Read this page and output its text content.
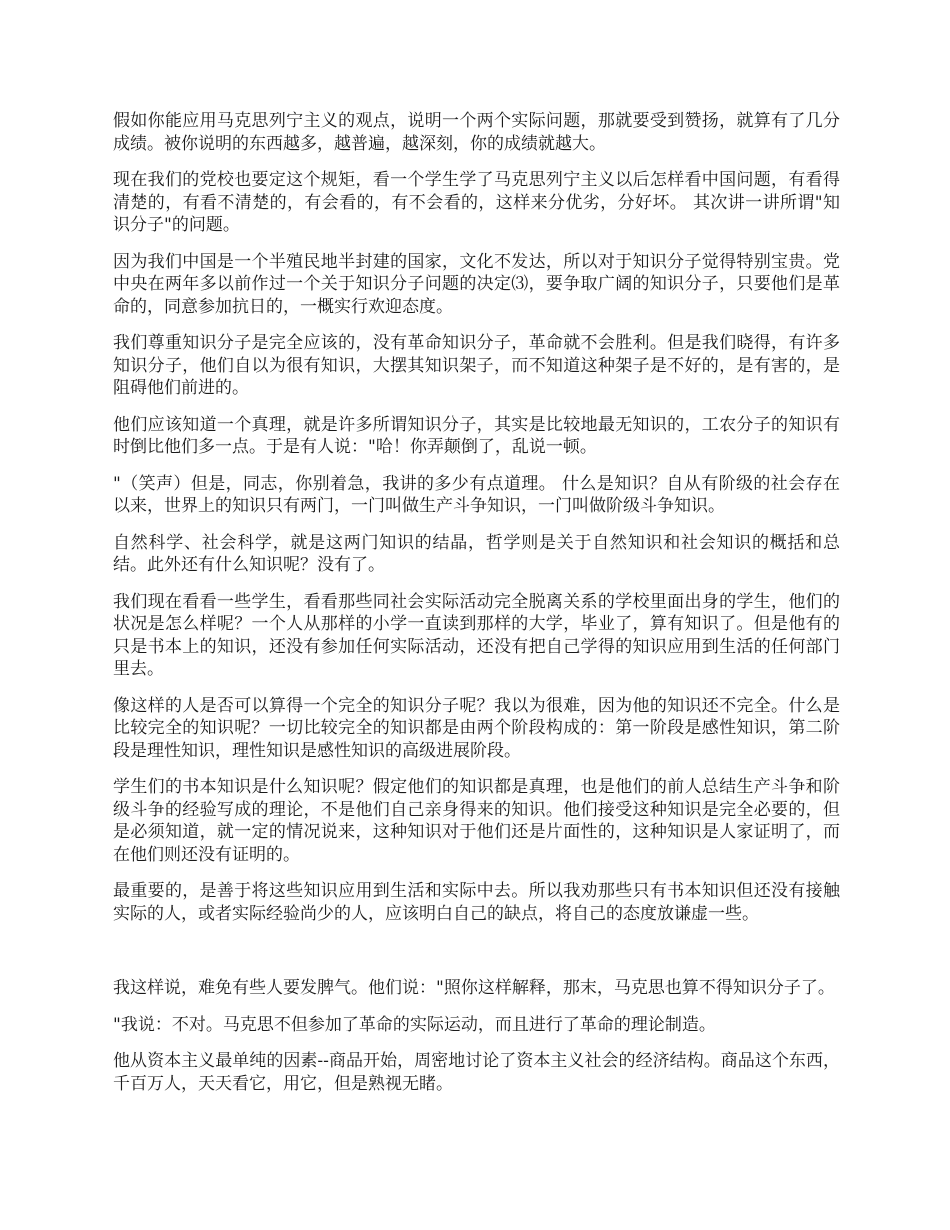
假如你能应用马克思列宁主义的观点，说明一个两个实际问题，那就要受到赞扬，就算有了几分成绩。被你说明的东西越多，越普遍，越深刻，你的成绩就越大。

现在我们的党校也要定这个规矩，看一个学生学了马克思列宁主义以后怎样看中国问题，有看得清楚的，有看不清楚的，有会看的，有不会看的，这样来分优劣，分好坏。 其次讲一讲所谓"知识分子"的问题。

因为我们中国是一个半殖民地半封建的国家，文化不发达，所以对于知识分子觉得特别宝贵。党中央在两年多以前作过一个关于知识分子问题的决定⑶，要争取广阔的知识分子，只要他们是革命的，同意参加抗日的，一概实行欢迎态度。

我们尊重知识分子是完全应该的，没有革命知识分子，革命就不会胜利。但是我们晓得，有许多知识分子，他们自以为很有知识，大摆其知识架子，而不知道这种架子是不好的，是有害的，是阻碍他们前进的。

他们应该知道一个真理，就是许多所谓知识分子，其实是比较地最无知识的，工农分子的知识有时倒比他们多一点。于是有人说："哈！你弄颠倒了，乱说一顿。

"（笑声）但是，同志，你别着急，我讲的多少有点道理。 什么是知识？自从有阶级的社会存在以来，世界上的知识只有两门，一门叫做生产斗争知识，一门叫做阶级斗争知识。

自然科学、社会科学，就是这两门知识的结晶，哲学则是关于自然知识和社会知识的概括和总结。此外还有什么知识呢？没有了。

我们现在看看一些学生，看看那些同社会实际活动完全脱离关系的学校里面出身的学生，他们的状况是怎么样呢？一个人从那样的小学一直读到那样的大学，毕业了，算有知识了。但是他有的只是书本上的知识，还没有参加任何实际活动，还没有把自己学得的知识应用到生活的任何部门里去。

像这样的人是否可以算得一个完全的知识分子呢？我以为很难，因为他的知识还不完全。什么是比较完全的知识呢？一切比较完全的知识都是由两个阶段构成的：第一阶段是感性知识，第二阶段是理性知识，理性知识是感性知识的高级进展阶段。

学生们的书本知识是什么知识呢？假定他们的知识都是真理，也是他们的前人总结生产斗争和阶级斗争的经验写成的理论，不是他们自己亲身得来的知识。他们接受这种知识是完全必要的，但是必须知道，就一定的情况说来，这种知识对于他们还是片面性的，这种知识是人家证明了，而在他们则还没有证明的。

最重要的，是善于将这些知识应用到生活和实际中去。所以我劝那些只有书本知识但还没有接触实际的人，或者实际经验尚少的人，应该明白自己的缺点，将自己的态度放谦虚一些。

我这样说，难免有些人要发脾气。他们说："照你这样解释，那末，马克思也算不得知识分子了。

"我说：不对。马克思不但参加了革命的实际运动，而且进行了革命的理论制造。

他从资本主义最单纯的因素--商品开始，周密地讨论了资本主义社会的经济结构。商品这个东西，千百万人，天天看它，用它，但是熟视无睹。
